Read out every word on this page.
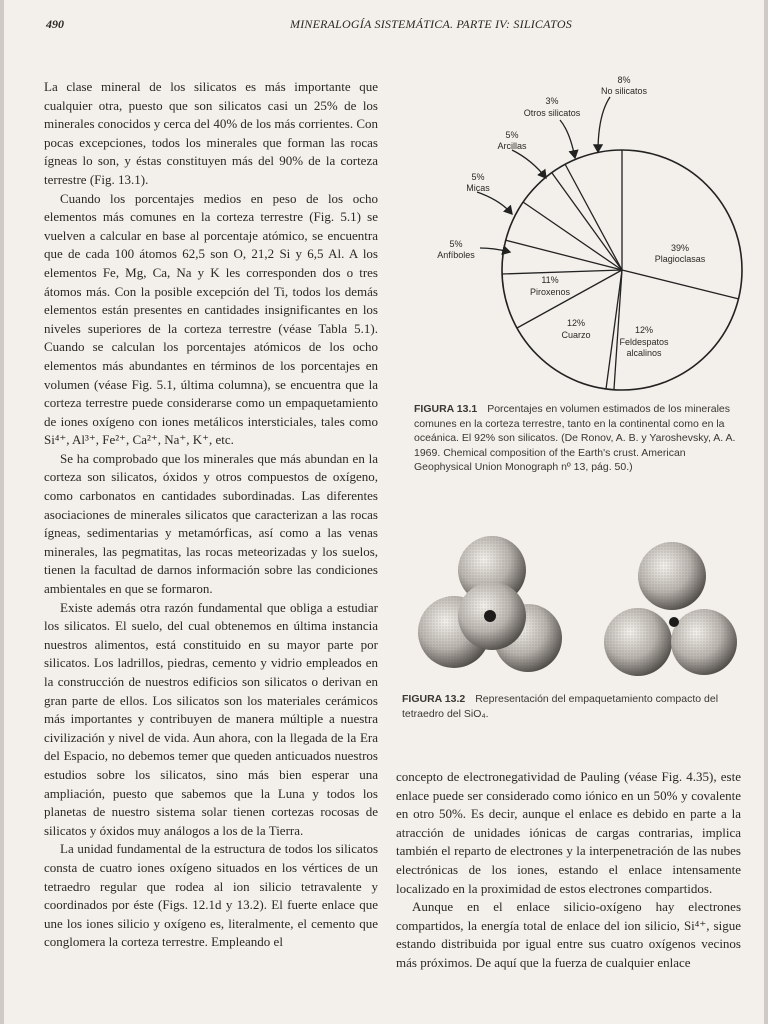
490	MINERALOGÍA SISTEMÁTICA. PARTE IV: SILICATOS

La clase mineral de los silicatos es más importante que cualquier otra, puesto que son silicatos casi un 25% de los minerales conocidos y cerca del 40% de los más corrientes. Con pocas excepciones, todos los minerales que forman las rocas ígneas lo son, y éstas constituyen más del 90% de la corteza terrestre (Fig. 13.1).

Cuando los porcentajes medios en peso de los ocho elementos más comunes en la corteza terrestre (Fig. 5.1) se vuelven a calcular en base al porcentaje atómico, se encuentra que de cada 100 átomos 62,5 son O, 21,2 Si y 6,5 Al. A los elementos Fe, Mg, Ca, Na y K les corresponden dos o tres átomos más. Con la posible excepción del Ti, todos los demás elementos están presentes en cantidades insignificantes en los niveles superiores de la corteza terrestre (véase Tabla 5.1). Cuando se calculan los porcentajes atómicos de los ocho elementos más abundantes en términos de los porcentajes en volumen (véase Fig. 5.1, última columna), se encuentra que la corteza terrestre puede considerarse como un empaquetamiento de iones oxígeno con iones metálicos intersticiales, tales como Si⁴⁺, Al³⁺, Fe²⁺, Ca²⁺, Na⁺, K⁺, etc.

Se ha comprobado que los minerales que más abundan en la corteza son silicatos, óxidos y otros compuestos de oxígeno, como carbonatos en cantidades subordinadas. Las diferentes asociaciones de minerales silicatos que caracterizan a las rocas ígneas, sedimentarias y metamórficas, así como a las venas minerales, las pegmatitas, las rocas meteorizadas y los suelos, tienen la facultad de darnos información sobre las condiciones ambientales en que se formaron.

Existe además otra razón fundamental que obliga a estudiar los silicatos. El suelo, del cual obtenemos en última instancia nuestros alimentos, está constituido en su mayor parte por silicatos. Los ladrillos, piedras, cemento y vidrio empleados en la construcción de nuestros edificios son silicatos o derivan en gran parte de ellos. Los silicatos son los materiales cerámicos más importantes y contribuyen de manera múltiple a nuestra civilización y nivel de vida. Aun ahora, con la llegada de la Era del Espacio, no debemos temer que queden anticuados nuestros estudios sobre los silicatos, sino más bien esperar una ampliación, puesto que sabemos que la Luna y todos los planetas de nuestro sistema solar tienen cortezas rocosas de silicatos y óxidos muy análogos a los de la Tierra.

La unidad fundamental de la estructura de todos los silicatos consta de cuatro iones oxígeno situados en los vértices de un tetraedro regular que rodea al ion silicio tetravalente y coordinados por éste (Figs. 12.1d y 13.2). El fuerte enlace que une los iones silicio y oxígeno es, literalmente, el cemento que conglomera la corteza terrestre. Empleando el

8%
No silicatos
3%
Otros silicatos
5%
Arcillas
5%
Micas
5%
Anfíboles
39%
Plagioclasas
11%
Piroxenos
12%
Cuarzo	12%
Feldespatos
alcalinos
FIGURA 13.1 Porcentajes en volumen estimados de los minerales comunes en la corteza terrestre, tanto en la continental como en la oceánica. El 92% son silicatos. (De Ronov, A. B. y Yaroshevsky, A. A. 1969. Chemical composition of the Earth's crust. American Geophysical Union Monograph nº 13, pág. 50.)
FIGURA 13.2 Representación del empaquetamiento compacto del tetraedro del SiO₄.

concepto de electronegatividad de Pauling (véase Fig. 4.35), este enlace puede ser considerado como iónico en un 50% y covalente en otro 50%. Es decir, aunque el enlace es debido en parte a la atracción de unidades iónicas de cargas contrarias, implica también el reparto de electrones y la interpenetración de las nubes electrónicas de los iones, estando el enlace intensamente localizado en la proximidad de estos electrones compartidos.

Aunque en el enlace silicio-oxígeno hay electrones compartidos, la energía total de enlace del ion silicio, Si⁴⁺, sigue estando distribuida por igual entre sus cuatro oxígenos vecinos más próximos. De aquí que la fuerza de cualquier enlace
